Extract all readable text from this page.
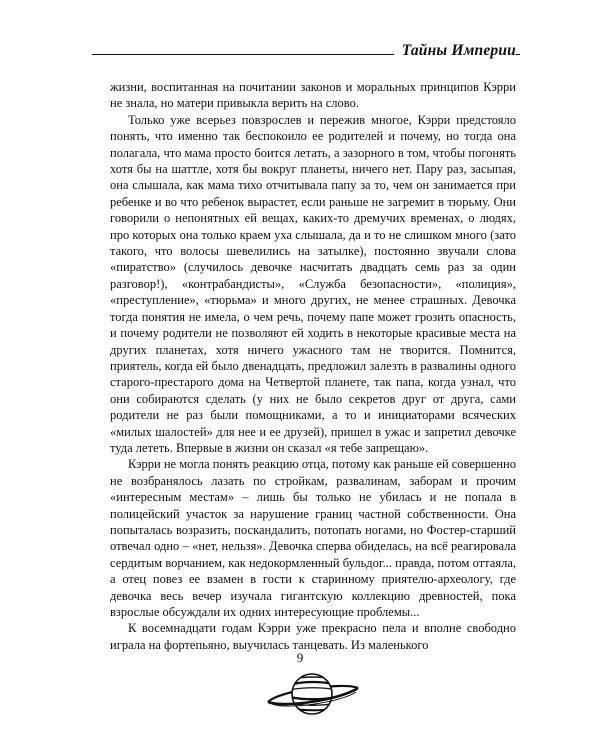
Тайны Империи

жизни, воспитанная на почитании законов и моральных принципов Кэрри не знала, но матери привыкла верить на слово.

Только уже всерьез повзрослев и пережив многое, Кэрри предстояло понять, что именно так беспокоило ее родителей и почему, но тогда она полагала, что мама просто боится летать, а зазорного в том, чтобы погонять хотя бы на шаттле, хотя бы вокруг планеты, ничего нет. Пару раз, засыпая, она слышала, как мама тихо отчитывала папу за то, чем он занимается при ребенке и во что ребенок вырастет, если раньше не загремит в тюрьму. Они говорили о непонятных ей вещах, каких-то дремучих временах, о людях, про которых она только краем уха слышала, да и то не слишком много (зато такого, что волосы шевелились на затылке), постоянно звучали слова «пиратство» (случилось девочке насчитать двадцать семь раз за один разговор!), «контрабандисты», «Служба безопасности», «полиция», «преступление», «тюрьма» и много других, не менее страшных. Девочка тогда понятия не имела, о чем речь, почему папе может грозить опасность, и почему родители не позволяют ей ходить в некоторые красивые места на других планетах, хотя ничего ужасного там не творится. Помнится, приятель, когда ей было двенадцать, предложил залезть в развалины одного старого-престарого дома на Четвертой планете, так папа, когда узнал, что они собираются сделать (у них не было секретов друг от друга, сами родители не раз были помощниками, а то и инициаторами всяческих «милых шалостей» для нее и ее друзей), пришел в ужас и запретил девочке туда лететь. Впервые в жизни он сказал «я тебе запрещаю».

Кэрри не могла понять реакцию отца, потому как раньше ей совершенно не возбранялось лазать по стройкам, развалинам, заборам и прочим «интересным местам» – лишь бы только не убилась и не попала в полицейский участок за нарушение границ частной собственности. Она попыталась возразить, поскандалить, потопать ногами, но Фостер-старший отвечал одно – «нет, нельзя». Девочка сперва обиделась, на всё реагировала сердитым ворчанием, как недокормленный бульдог... правда, потом оттаяла, а отец повез ее взамен в гости к старинному приятелю-археологу, где девочка весь вечер изучала гигантскую коллекцию древностей, пока взрослые обсуждали их одних интересующие проблемы...

К восемнадцати годам Кэрри уже прекрасно пела и вполне свободно играла на фортепьяно, выучилась танцевать. Из маленького

9
